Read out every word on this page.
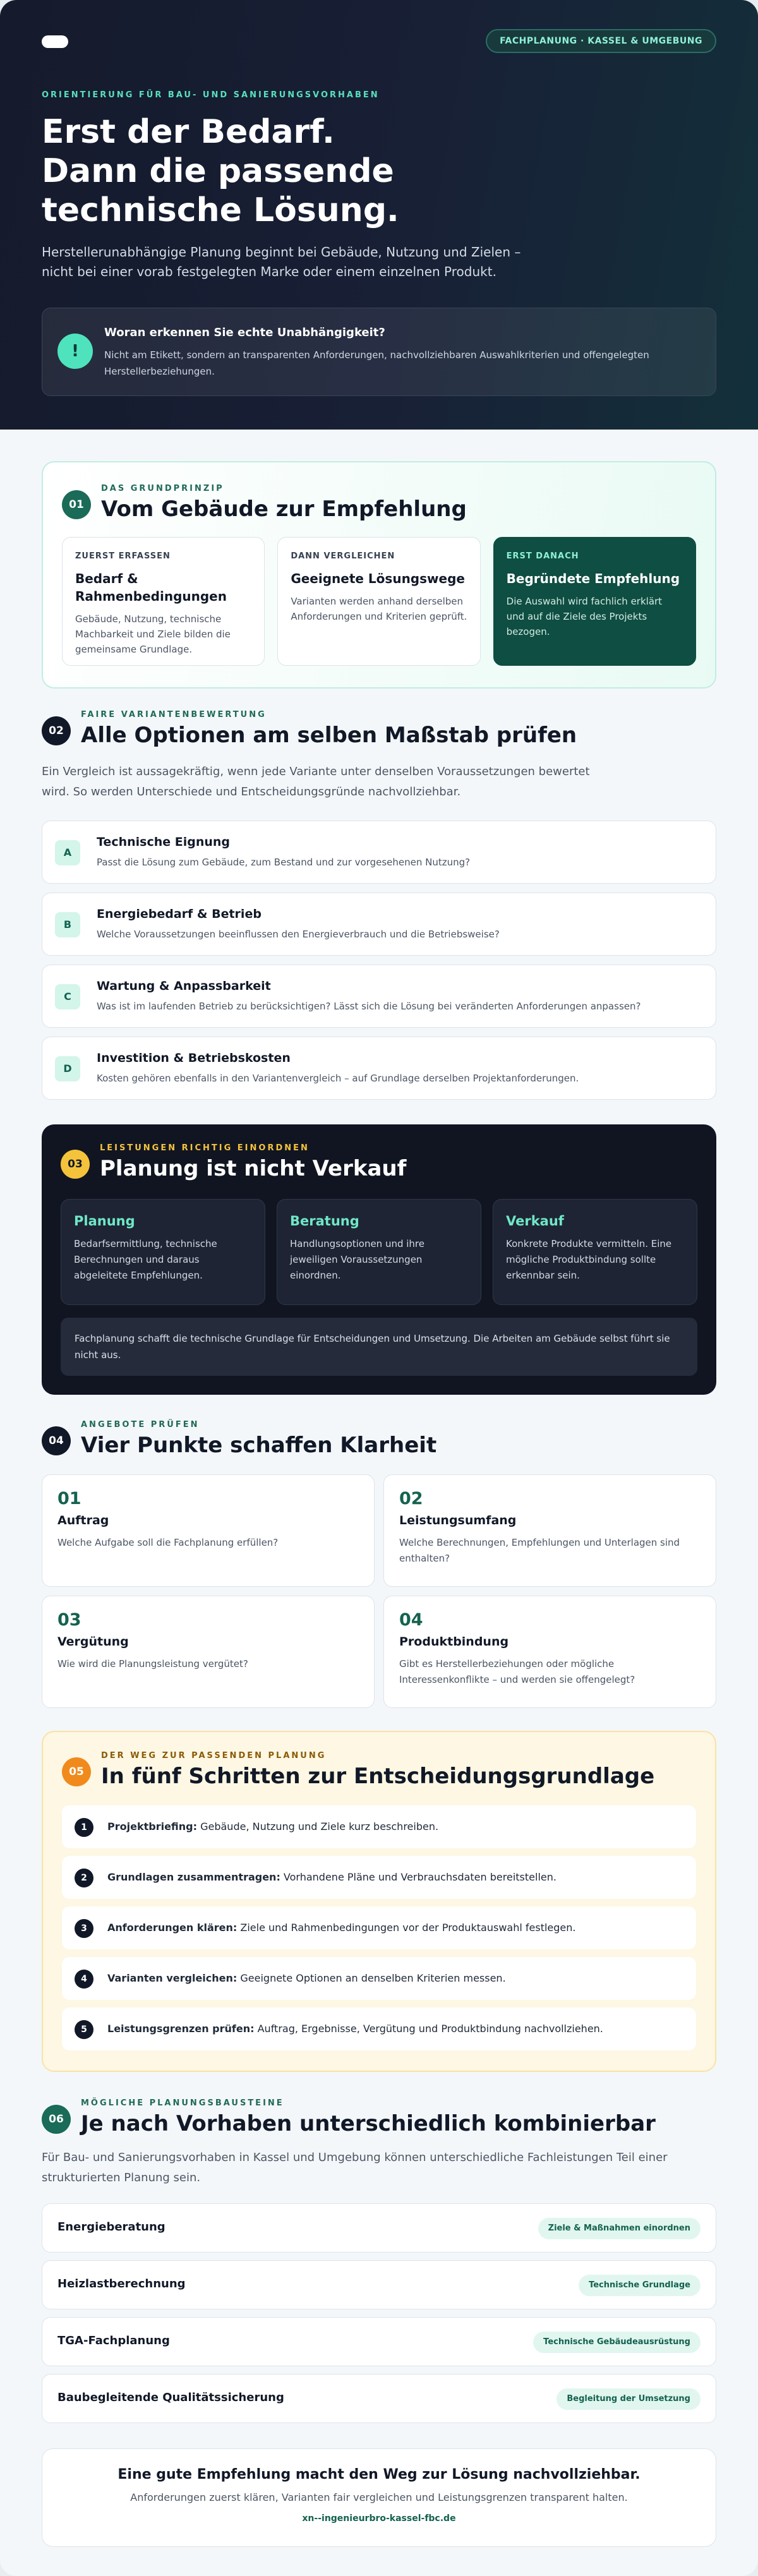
FACHPLANUNG · KASSEL & UMGEBUNG
ORIENTIERUNG FÜR BAU- UND SANIERUNGSVORHABEN
Erst der Bedarf.
Dann die passende technische Lösung.

Herstellerunabhängige Planung beginnt bei Gebäude, Nutzung und Zielen – nicht bei einer vorab festgelegten Marke oder einem einzelnen Produkt.

!
Woran erkennen Sie echte Unabhängigkeit?

Nicht am Etikett, sondern an transparenten Anforderungen, nachvollziehbaren Auswahlkriterien und offengelegten Herstellerbeziehungen.

01
DAS GRUNDPRINZIP
Vom Gebäude zur Empfehlung
ZUERST ERFASSEN
Bedarf & Rahmenbedingungen

Gebäude, Nutzung, technische Machbarkeit und Ziele bilden die gemeinsame Grundlage.

DANN VERGLEICHEN
Geeignete Lösungswege

Varianten werden anhand derselben Anforderungen und Kriterien geprüft.

ERST DANACH
Begründete Empfehlung

Die Auswahl wird fachlich erklärt und auf die Ziele des Projekts bezogen.

02
FAIRE VARIANTENBEWERTUNG
Alle Optionen am selben Maßstab prüfen

Ein Vergleich ist aussagekräftig, wenn jede Variante unter denselben Voraussetzungen bewertet wird. So werden Unterschiede und Entscheidungsgründe nachvollziehbar.

A
Technische Eignung

Passt die Lösung zum Gebäude, zum Bestand und zur vorgesehenen Nutzung?

B
Energiebedarf & Betrieb

Welche Voraussetzungen beeinflussen den Energieverbrauch und die Betriebsweise?

C
Wartung & Anpassbarkeit

Was ist im laufenden Betrieb zu berücksichtigen? Lässt sich die Lösung bei veränderten Anforderungen anpassen?

D
Investition & Betriebskosten

Kosten gehören ebenfalls in den Variantenvergleich – auf Grundlage derselben Projektanforderungen.

03
LEISTUNGEN RICHTIG EINORDNEN
Planung ist nicht Verkauf
Planung

Bedarfsermittlung, technische Berechnungen und daraus abgeleitete Empfehlungen.

Beratung

Handlungsoptionen und ihre jeweiligen Voraussetzungen einordnen.

Verkauf

Konkrete Produkte vermitteln. Eine mögliche Produktbindung sollte erkennbar sein.

Fachplanung schafft die technische Grundlage für Entscheidungen und Umsetzung. Die Arbeiten am Gebäude selbst führt sie nicht aus.
04
ANGEBOTE PRÜFEN
Vier Punkte schaffen Klarheit
01
Auftrag

Welche Aufgabe soll die Fachplanung erfüllen?

02
Leistungsumfang

Welche Berechnungen, Empfehlungen und Unterlagen sind enthalten?

03
Vergütung

Wie wird die Planungsleistung vergütet?

04
Produktbindung

Gibt es Herstellerbeziehungen oder mögliche Interessenkonflikte – und werden sie offengelegt?

05
DER WEG ZUR PASSENDEN PLANUNG
In fünf Schritten zur Entscheidungsgrundlage
1	Projektbriefing: Gebäude, Nutzung und Ziele kurz beschreiben.
2	Grundlagen zusammentragen: Vorhandene Pläne und Verbrauchsdaten bereitstellen.
3	Anforderungen klären: Ziele und Rahmenbedingungen vor der Produktauswahl festlegen.
4	Varianten vergleichen: Geeignete Optionen an denselben Kriterien messen.
5	Leistungsgrenzen prüfen: Auftrag, Ergebnisse, Vergütung und Produktbindung nachvollziehen.
06
MÖGLICHE PLANUNGSBAUSTEINE
Je nach Vorhaben unterschiedlich kombinierbar

Für Bau- und Sanierungsvorhaben in Kassel und Umgebung können unterschiedliche Fachleistungen Teil einer strukturierten Planung sein.

Energieberatung	Ziele & Maßnahmen einordnen
Heizlastberechnung	Technische Grundlage
TGA-Fachplanung	Technische Gebäudeausrüstung
Baubegleitende Qualitätssicherung	Begleitung der Umsetzung
Eine gute Empfehlung macht den Weg zur Lösung nachvollziehbar.

Anforderungen zuerst klären, Varianten fair vergleichen und Leistungsgrenzen transparent halten.

xn--ingenieurbro-kassel-fbc.de
